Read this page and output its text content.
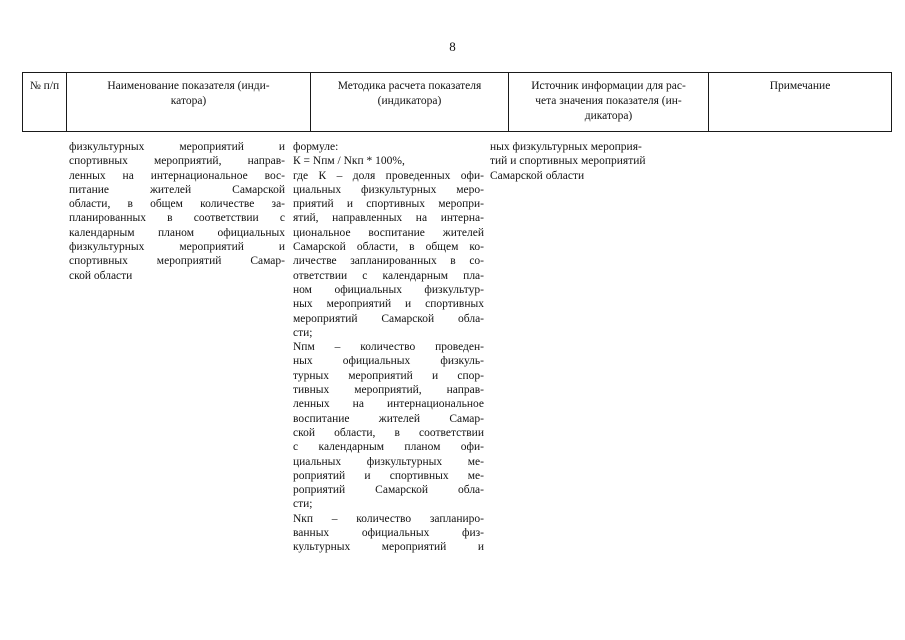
8
№ п/п	Наименование показателя (инди-
катора)
Методика расчета показателя
(индикатора)
Источник информации для рас-
чета значения показателя (ин-
дикатора)
Примечание
физкультурных мероприятий и
спортивных мероприятий, направ-
ленных на интернациональное вос-
питание жителей Самарской
области, в общем количестве за-
планированных в соответствии с
календарным планом официальных
физкультурных мероприятий и
спортивных мероприятий Самар-
ской области
формуле:
К = Nпм / Nкп * 100%,
где К – доля проведенных офи-
циальных физкультурных меро-
приятий и спортивных меропри-
ятий, направленных на интерна-
циональное воспитание жителей
Самарской области, в общем ко-
личестве запланированных в со-
ответствии с календарным пла-
ном официальных физкультур-
ных мероприятий и спортивных
мероприятий Самарской обла-
сти;
Nпм – количество проведен-
ных официальных физкуль-
турных мероприятий и спор-
тивных мероприятий, направ-
ленных на интернациональное
воспитание жителей Самар-
ской области, в соответствии
с календарным планом офи-
циальных физкультурных ме-
роприятий и спортивных ме-
роприятий Самарской обла-
сти;
Nкп – количество запланиро-
ванных официальных физ-
культурных мероприятий и
ных физкультурных мероприя-
тий и спортивных мероприятий
Самарской области
